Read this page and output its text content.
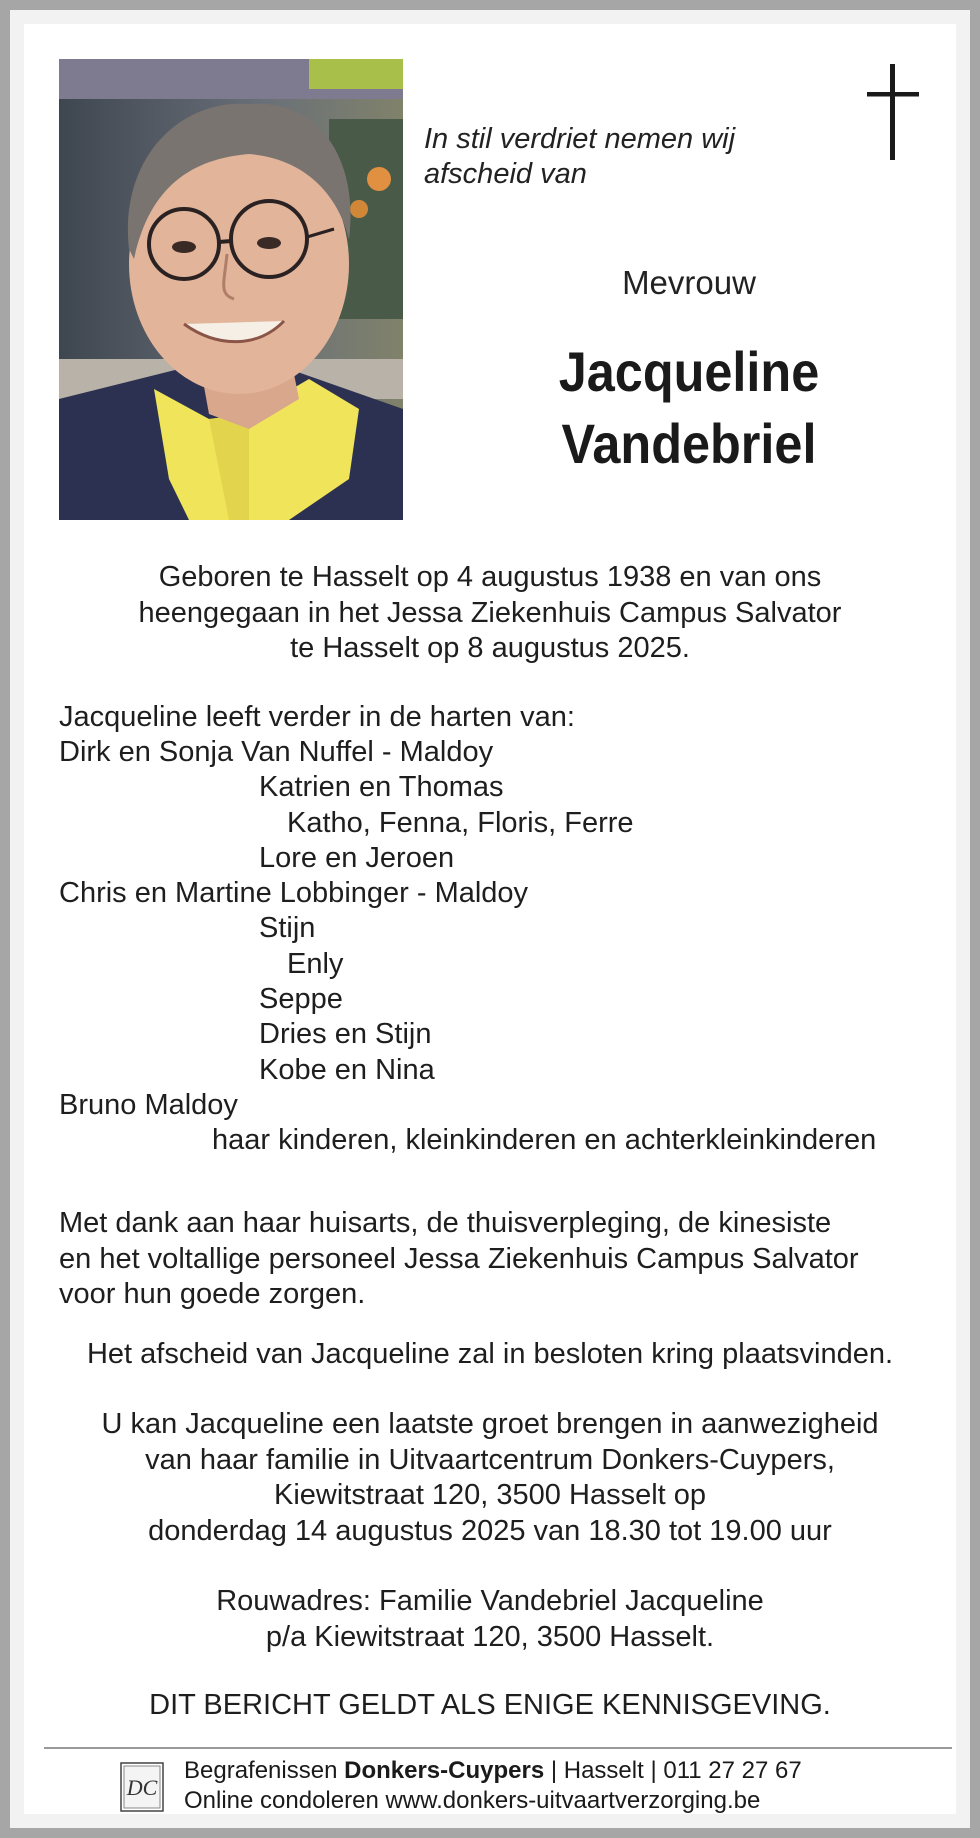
In stil verdriet nemen wij
afscheid van
Mevrouw
Jacqueline
Vandebriel
Geboren te Hasselt op 4 augustus 1938 en van ons
heengegaan in het Jessa Ziekenhuis Campus Salvator
te Hasselt op 8 augustus 2025.
Jacqueline leeft verder in de harten van:
Dirk en Sonja Van Nuffel - Maldoy
Katrien en Thomas
Katho, Fenna, Floris, Ferre
Lore en Jeroen
Chris en Martine Lobbinger - Maldoy
Stijn
Enly
Seppe
Dries en Stijn
Kobe en Nina
Bruno Maldoy
haar kinderen, kleinkinderen en achterkleinkinderen
Met dank aan haar huisarts, de thuisverpleging, de kinesiste
en het voltallige personeel Jessa Ziekenhuis Campus Salvator
voor hun goede zorgen.
Het afscheid van Jacqueline zal in besloten kring plaatsvinden.
U kan Jacqueline een laatste groet brengen in aanwezigheid
van haar familie in Uitvaartcentrum Donkers-Cuypers,
Kiewitstraat 120, 3500 Hasselt op
donderdag 14 augustus 2025 van 18.30 tot 19.00 uur
Rouwadres: Familie Vandebriel Jacqueline
p/a Kiewitstraat 120, 3500 Hasselt.
DIT BERICHT GELDT ALS ENIGE KENNISGEVING.
DC
Begrafenissen Donkers-Cuypers | Hasselt | 011 27 27 67
Online condoleren www.donkers-uitvaartverzorging.be
